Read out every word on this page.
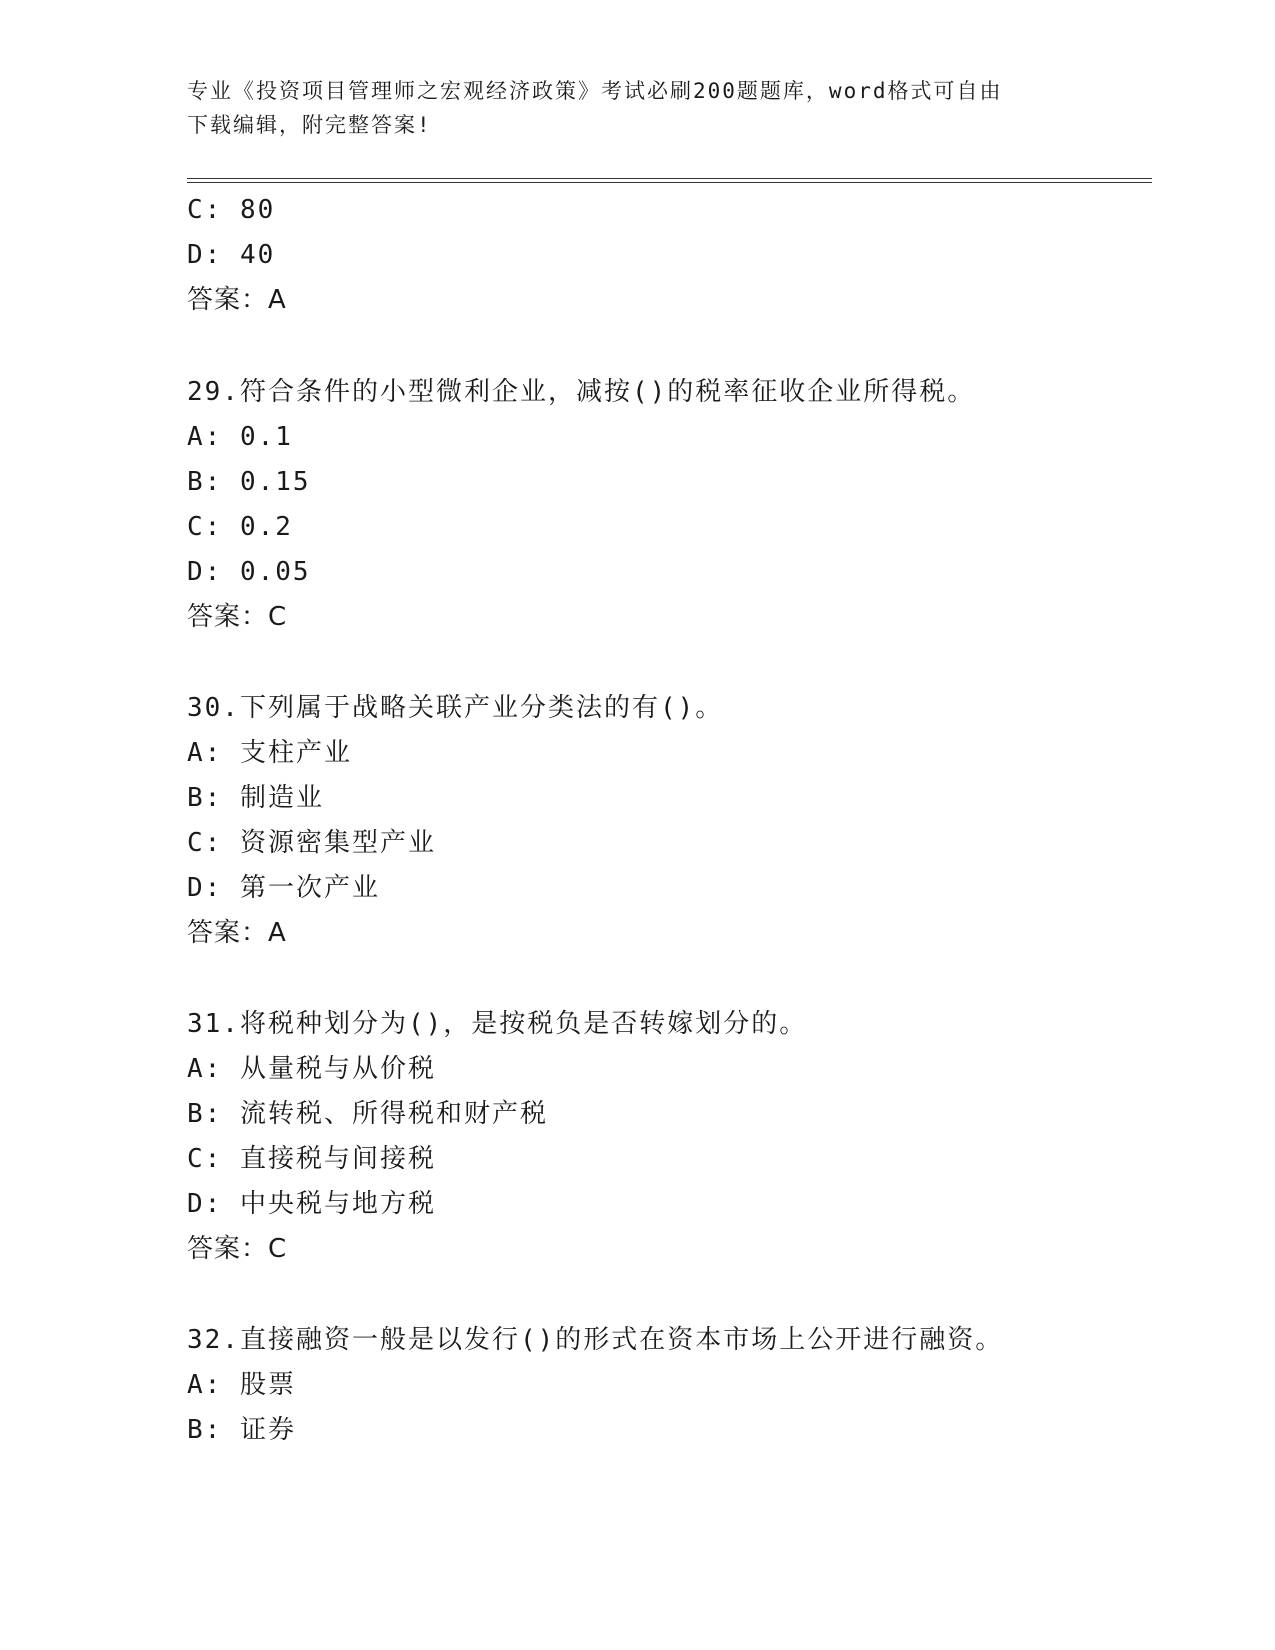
专业《投资项目管理师之宏观经济政策》考试必刷200题题库，word格式可自由
下载编辑，附完整答案!
C: 80
D: 40
答案：A
29.符合条件的小型微利企业，减按()的税率征收企业所得税。
A: 0.1
B: 0.15
C: 0.2
D: 0.05
答案：C
30.下列属于战略关联产业分类法的有()。
A: 支柱产业
B: 制造业
C: 资源密集型产业
D: 第一次产业
答案：A
31.将税种划分为()，是按税负是否转嫁划分的。
A: 从量税与从价税
B: 流转税、所得税和财产税
C: 直接税与间接税
D: 中央税与地方税
答案：C
32.直接融资一般是以发行()的形式在资本市场上公开进行融资。
A: 股票
B: 证券
